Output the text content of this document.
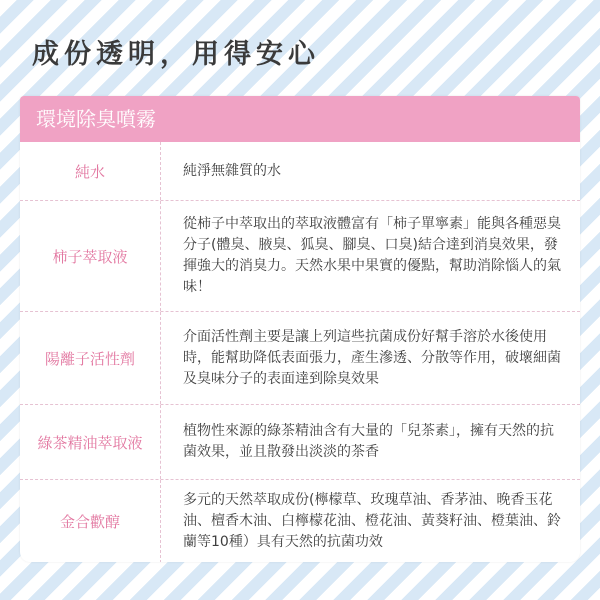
成份透明，用得安心
環境除臭噴霧
純水	純淨無雜質的水
柿子萃取液
從柿子中萃取出的萃取液體富有「柿子單寧素」能與各種惡臭分子(體臭、腋臭、狐臭、腳臭、口臭)結合達到消臭效果，發揮強大的消臭力。天然水果中果實的優點，幫助消除惱人的氣味！
陽離子活性劑
介面活性劑主要是讓上列這些抗菌成份好幫手溶於水後使用時，能幫助降低表面張力，產生滲透、分散等作用，破壞細菌及臭味分子的表面達到除臭效果
綠茶精油萃取液
植物性來源的綠茶精油含有大量的「兒茶素」，擁有天然的抗菌效果，並且散發出淡淡的茶香
金合歡醇
多元的天然萃取成份(檸檬草、玫瑰草油、香茅油、晚香玉花油、檀香木油、白檸檬花油、橙花油、黃葵籽油、橙葉油、鈴蘭等10種）具有天然的抗菌功效
